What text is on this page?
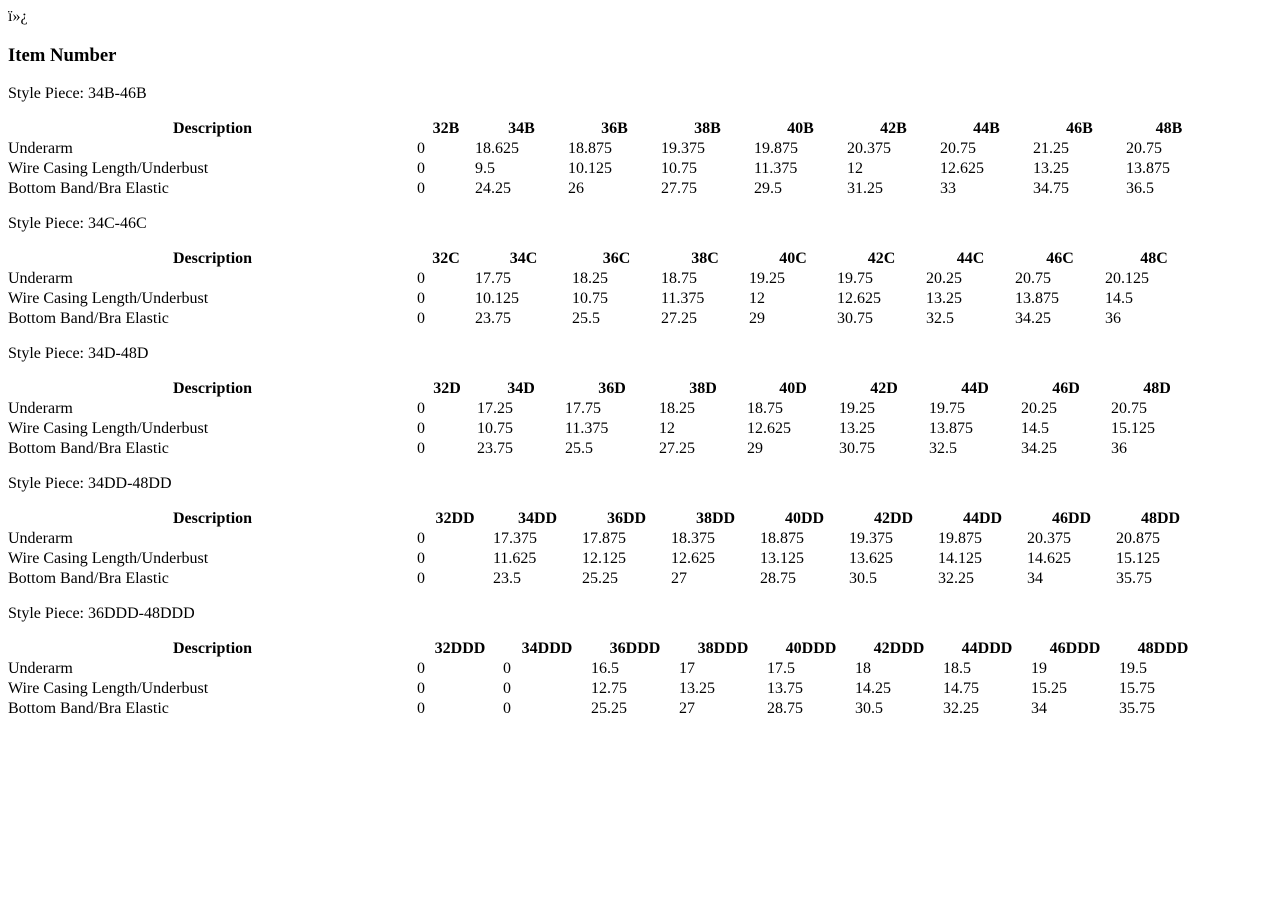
ï»¿
Item Number

Style Piece: 34B-46B

Description	32B	34B	36B	38B	40B	42B	44B	46B	48B
Underarm	0	18.625	18.875	19.375	19.875	20.375	20.75	21.25	20.75
Wire Casing Length/Underbust	0	9.5	10.125	10.75	11.375	12	12.625	13.25	13.875
Bottom Band/Bra Elastic	0	24.25	26	27.75	29.5	31.25	33	34.75	36.5

Style Piece: 34C-46C

Description	32C	34C	36C	38C	40C	42C	44C	46C	48C
Underarm	0	17.75	18.25	18.75	19.25	19.75	20.25	20.75	20.125
Wire Casing Length/Underbust	0	10.125	10.75	11.375	12	12.625	13.25	13.875	14.5
Bottom Band/Bra Elastic	0	23.75	25.5	27.25	29	30.75	32.5	34.25	36

Style Piece: 34D-48D

Description	32D	34D	36D	38D	40D	42D	44D	46D	48D
Underarm	0	17.25	17.75	18.25	18.75	19.25	19.75	20.25	20.75
Wire Casing Length/Underbust	0	10.75	11.375	12	12.625	13.25	13.875	14.5	15.125
Bottom Band/Bra Elastic	0	23.75	25.5	27.25	29	30.75	32.5	34.25	36

Style Piece: 34DD-48DD

Description	32DD	34DD	36DD	38DD	40DD	42DD	44DD	46DD	48DD
Underarm	0	17.375	17.875	18.375	18.875	19.375	19.875	20.375	20.875
Wire Casing Length/Underbust	0	11.625	12.125	12.625	13.125	13.625	14.125	14.625	15.125
Bottom Band/Bra Elastic	0	23.5	25.25	27	28.75	30.5	32.25	34	35.75

Style Piece: 36DDD-48DDD

Description	32DDD	34DDD	36DDD	38DDD	40DDD	42DDD	44DDD	46DDD	48DDD
Underarm	0	0	16.5	17	17.5	18	18.5	19	19.5
Wire Casing Length/Underbust	0	0	12.75	13.25	13.75	14.25	14.75	15.25	15.75
Bottom Band/Bra Elastic	0	0	25.25	27	28.75	30.5	32.25	34	35.75
